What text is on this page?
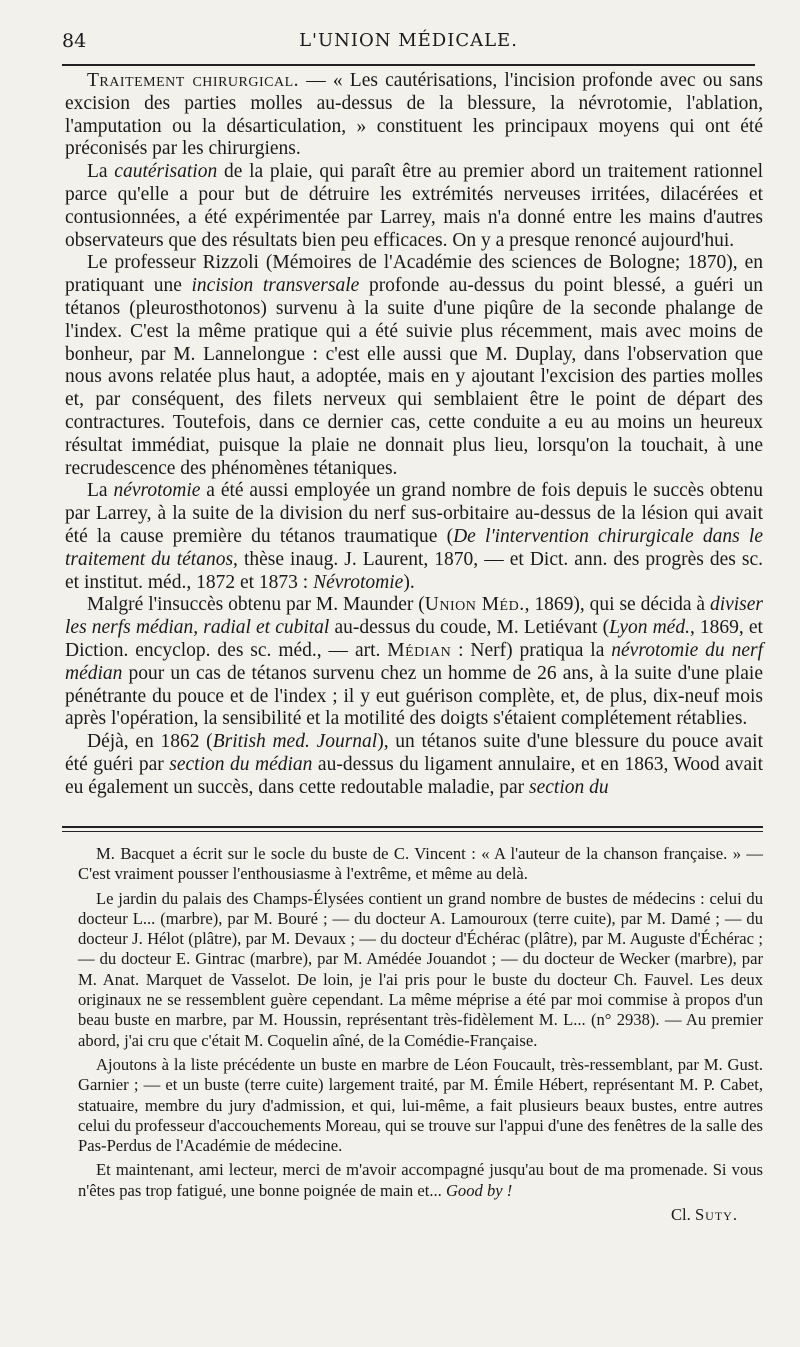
84	L'UNION MÉDICALE.

Traitement chirurgical. — « Les cautérisations, l'incision profonde avec ou sans excision des parties molles au-dessus de la blessure, la névrotomie, l'ablation, l'amputation ou la désarticulation, » constituent les principaux moyens qui ont été préconisés par les chirurgiens.

La cautérisation de la plaie, qui paraît être au premier abord un traitement rationnel parce qu'elle a pour but de détruire les extrémités nerveuses irritées, dilacérées et contusionnées, a été expérimentée par Larrey, mais n'a donné entre les mains d'autres observateurs que des résultats bien peu efficaces. On y a presque renoncé aujourd'hui.

Le professeur Rizzoli (Mémoires de l'Académie des sciences de Bologne; 1870), en pratiquant une incision transversale profonde au-dessus du point blessé, a guéri un tétanos (pleurosthotonos) survenu à la suite d'une piqûre de la seconde phalange de l'index. C'est la même pratique qui a été suivie plus récemment, mais avec moins de bonheur, par M. Lannelongue : c'est elle aussi que M. Duplay, dans l'observation que nous avons relatée plus haut, a adoptée, mais en y ajoutant l'excision des parties molles et, par conséquent, des filets nerveux qui semblaient être le point de départ des contractures. Toutefois, dans ce dernier cas, cette conduite a eu au moins un heureux résultat immédiat, puisque la plaie ne donnait plus lieu, lorsqu'on la touchait, à une recrudescence des phénomènes tétaniques.

La névrotomie a été aussi employée un grand nombre de fois depuis le succès obtenu par Larrey, à la suite de la division du nerf sus-orbitaire au-dessus de la lésion qui avait été la cause première du tétanos traumatique (De l'intervention chirurgicale dans le traitement du tétanos, thèse inaug. J. Laurent, 1870, — et Dict. ann. des progrès des sc. et institut. méd., 1872 et 1873 : Névrotomie).

Malgré l'insuccès obtenu par M. Maunder (Union Méd., 1869), qui se décida à diviser les nerfs médian, radial et cubital au-dessus du coude, M. Letiévant (Lyon méd., 1869, et Diction. encyclop. des sc. méd., — art. Médian : Nerf) pratiqua la névrotomie du nerf médian pour un cas de tétanos survenu chez un homme de 26 ans, à la suite d'une plaie pénétrante du pouce et de l'index ; il y eut guérison complète, et, de plus, dix-neuf mois après l'opération, la sensibilité et la motilité des doigts s'étaient complétement rétablies.

Déjà, en 1862 (British med. Journal), un tétanos suite d'une blessure du pouce avait été guéri par section du médian au-dessus du ligament annulaire, et en 1863, Wood avait eu également un succès, dans cette redoutable maladie, par section du

M. Bacquet a écrit sur le socle du buste de C. Vincent : « A l'auteur de la chanson française. » — C'est vraiment pousser l'enthousiasme à l'extrême, et même au delà.

Le jardin du palais des Champs-Élysées contient un grand nombre de bustes de médecins : celui du docteur L... (marbre), par M. Bouré ; — du docteur A. Lamouroux (terre cuite), par M. Damé ; — du docteur J. Hélot (plâtre), par M. Devaux ; — du docteur d'Échérac (plâtre), par M. Auguste d'Échérac ; — du docteur E. Gintrac (marbre), par M. Amédée Jouandot ; — du docteur de Wecker (marbre), par M. Anat. Marquet de Vasselot. De loin, je l'ai pris pour le buste du docteur Ch. Fauvel. Les deux originaux ne se ressemblent guère cependant. La même méprise a été par moi commise à propos d'un beau buste en marbre, par M. Houssin, représentant très-fidèlement M. L... (n° 2938). — Au premier abord, j'ai cru que c'était M. Coquelin aîné, de la Comédie-Française.

Ajoutons à la liste précédente un buste en marbre de Léon Foucault, très-ressemblant, par M. Gust. Garnier ; — et un buste (terre cuite) largement traité, par M. Émile Hébert, représentant M. P. Cabet, statuaire, membre du jury d'admission, et qui, lui-même, a fait plusieurs beaux bustes, entre autres celui du professeur d'accouchements Moreau, qui se trouve sur l'appui d'une des fenêtres de la salle des Pas-Perdus de l'Académie de médecine.

Et maintenant, ami lecteur, merci de m'avoir accompagné jusqu'au bout de ma promenade. Si vous n'êtes pas trop fatigué, une bonne poignée de main et... Good by !

Cl. Suty.
